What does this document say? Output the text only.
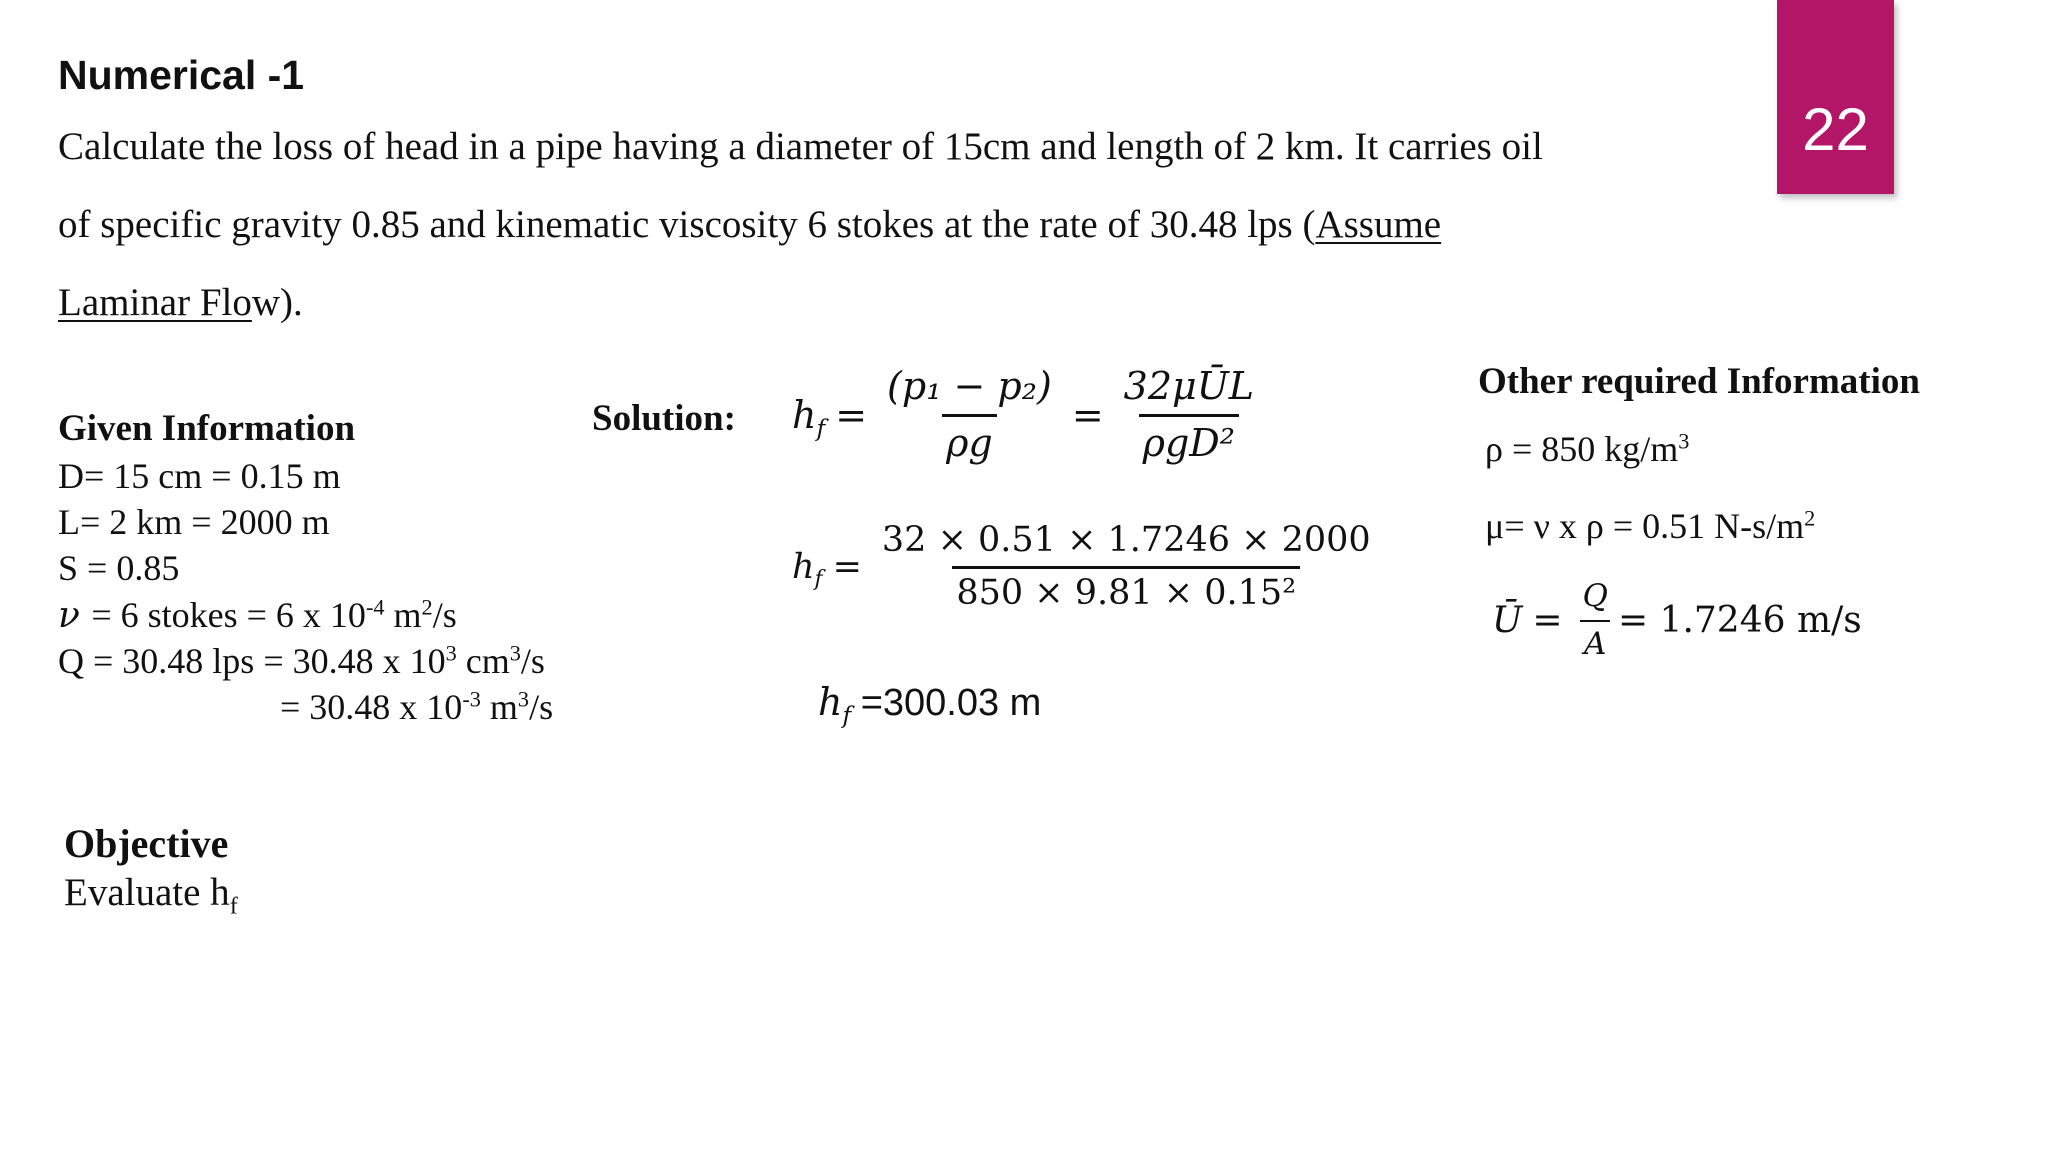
22
Numerical -1
Calculate the loss of head in a pipe having a diameter of 15cm and length of 2 km. It carries oil
of specific gravity 0.85 and kinematic viscosity 6 stokes at the rate of 30.48 lps (Assume
Laminar Flow).
Given Information
D= 15 cm = 0.15 m
L= 2 km = 2000 m
S = 0.85
ν = 6 stokes = 6 x $10^{-4}$ $m^2/s$
Q = 30.48 lps = 30.48 x $10^3$ $cm^3/s$
= 30.48 x $10^{-3}$ $m^3/s$
Solution: $h_f = \frac{\text{(p₁ − p₂)}}{\rho g} = \frac{\text{32μŪL}}{\text{ρgD²}}$
$h_f = \frac{32 \times 0.51 \times 1.7246 \times 2000}{\text{850 × 9.81 × 0.15²}}$
$h_f =300.03$ m
Other required Information
ρ = 850 $kg/m^3$
μ= ν x ρ = 0.51 $N-s/m^2$
Ū = $\frac{Q}{A} = 1.7246$ m/s
Objective
Evaluate $h_f$
